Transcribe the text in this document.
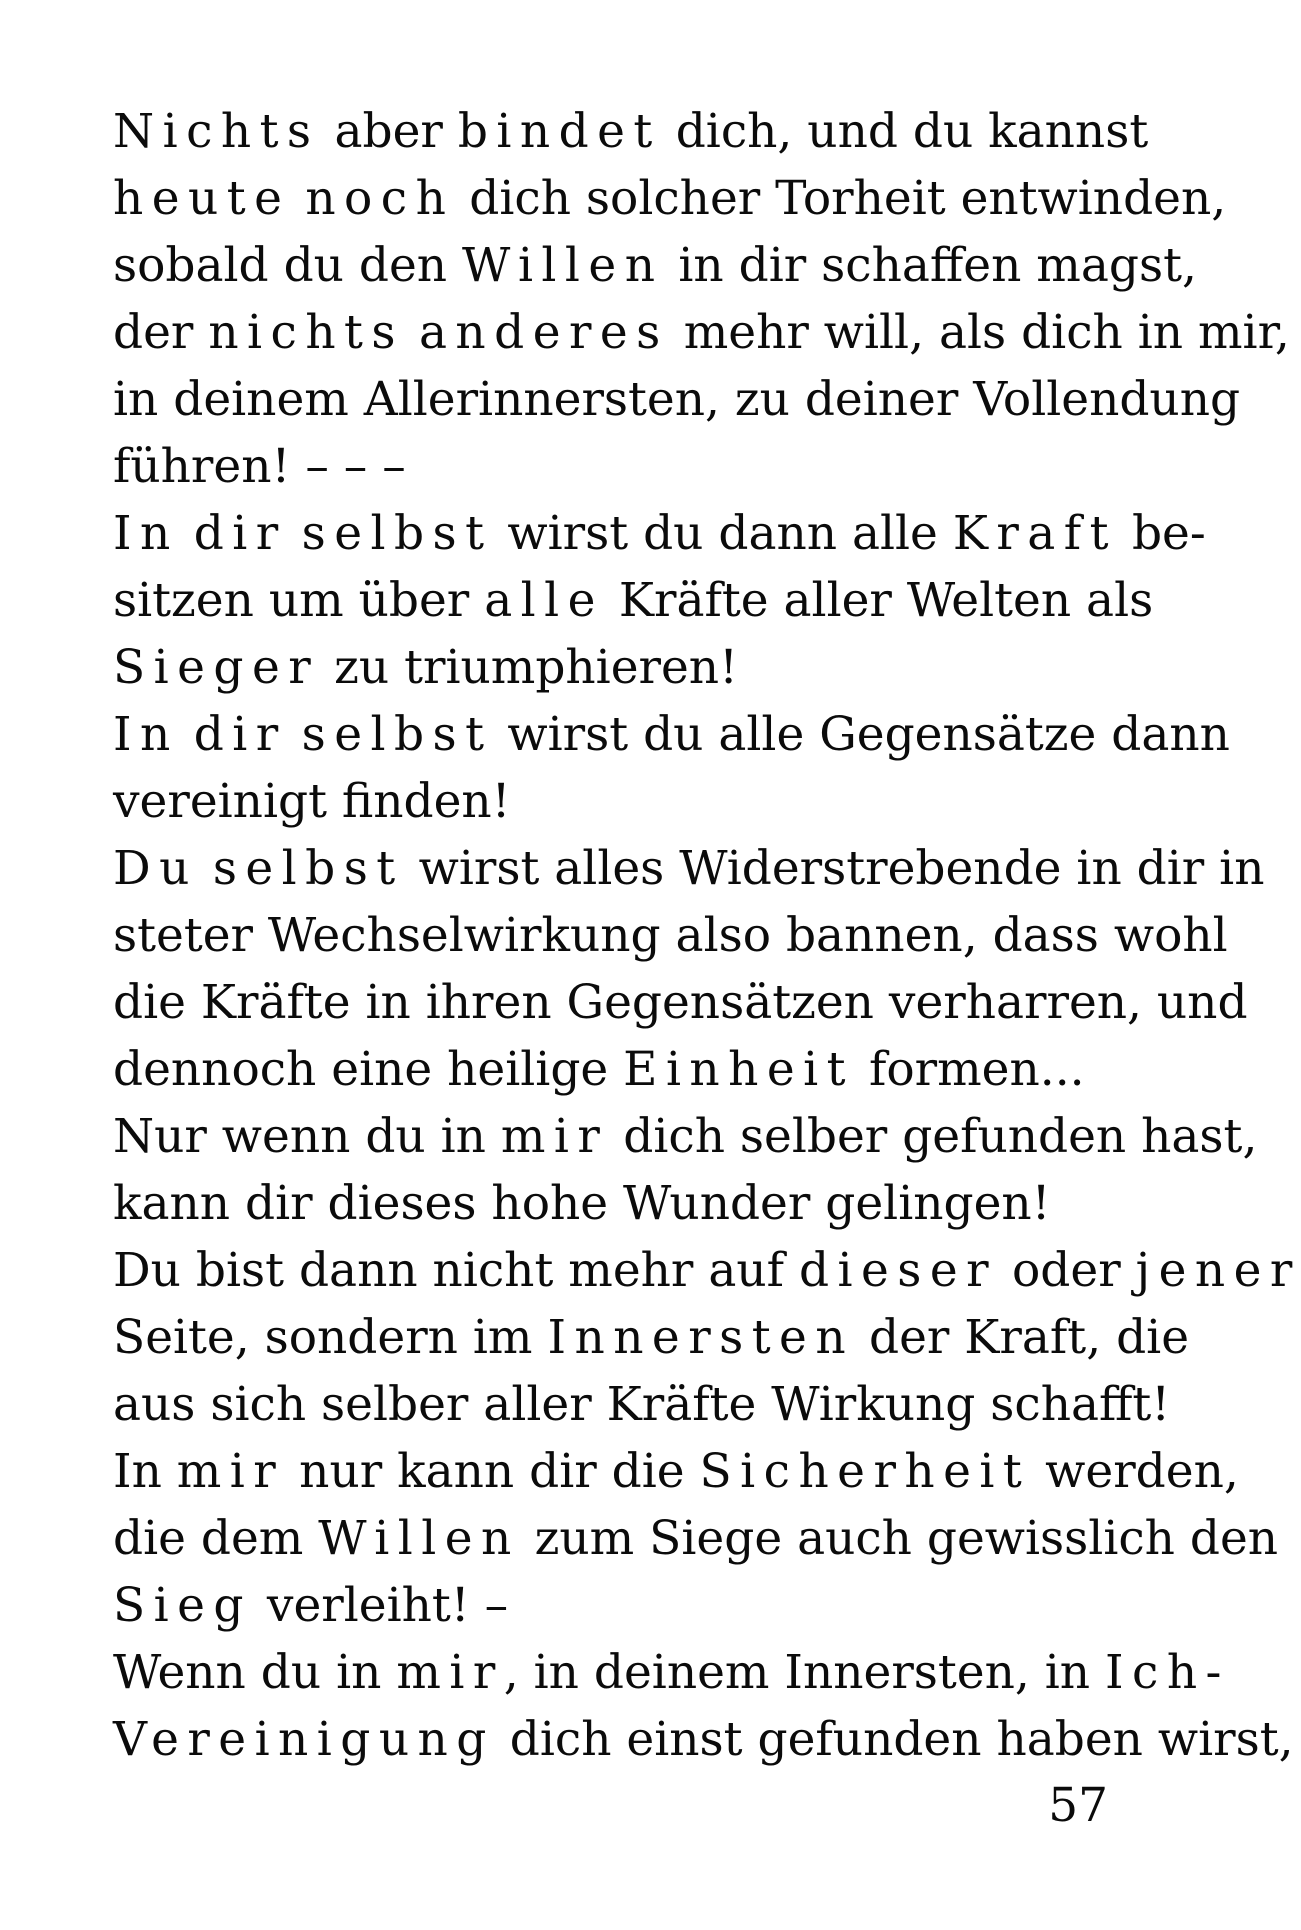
Nichts aber bindet dich, und du kannst
heute noch dich solcher Torheit entwinden,
sobald du den Willen in dir schaffen magst,
der nichts anderes mehr will, als dich in mir,
in deinem Allerinnersten, zu deiner Vollendung
führen! – – –
In dir selbst wirst du dann alle Kraft be-
sitzen um über alle Kräfte aller Welten als
Sieger zu triumphieren!
In dir selbst wirst du alle Gegensätze dann
vereinigt finden!
Du selbst wirst alles Widerstrebende in dir in
steter Wechselwirkung also bannen, dass wohl
die Kräfte in ihren Gegensätzen verharren, und
dennoch eine heilige Einheit formen...
Nur wenn du in mir dich selber gefunden hast,
kann dir dieses hohe Wunder gelingen!
Du bist dann nicht mehr auf dieser oder jener
Seite, sondern im Innersten der Kraft, die
aus sich selber aller Kräfte Wirkung schafft!
In mir nur kann dir die Sicherheit werden,
die dem Willen zum Siege auch gewisslich den
Sieg verleiht! –
Wenn du in mir, in deinem Innersten, in Ich-
Vereinigung dich einst gefunden haben wirst,
57
